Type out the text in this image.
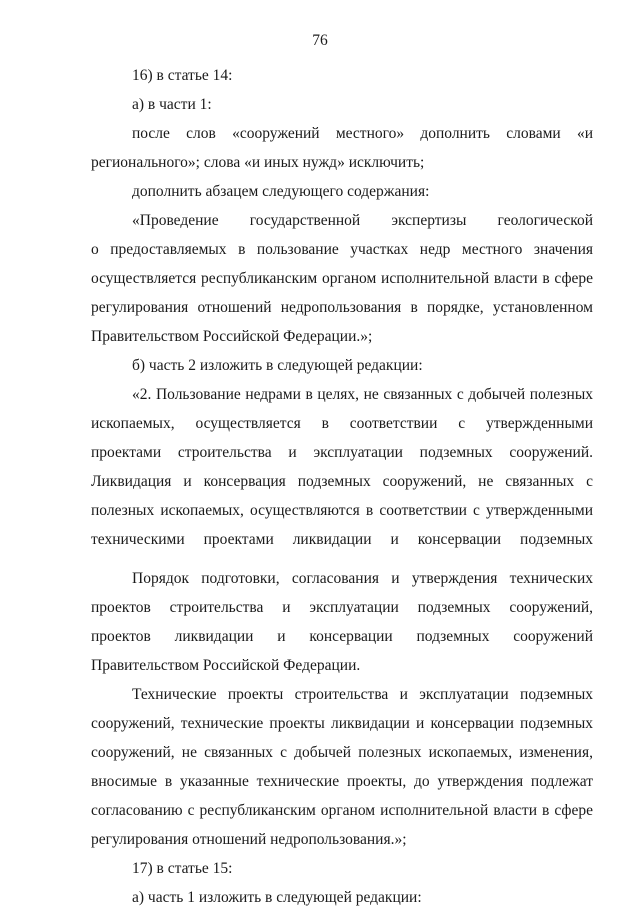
76
16) в статье 14:
а) в части 1:
после слов «сооружений местного» дополнить словами «и
регионального»; слова «и иных нужд» исключить;
дополнить абзацем следующего содержания:
«Проведение государственной экспертизы геологической
о предоставляемых в пользование участках недр местного значения
осуществляется республиканским органом исполнительной власти в сфере
регулирования отношений недропользования в порядке, установленном
Правительством Российской Федерации.»;
б) часть 2 изложить в следующей редакции:
«2. Пользование недрами в целях, не связанных с добычей полезных
ископаемых, осуществляется в соответствии с утвержденными
проектами строительства и эксплуатации подземных сооружений.
Ликвидация и консервация подземных сооружений, не связанных с
полезных ископаемых, осуществляются в соответствии с утвержденными
техническими проектами ликвидации и консервации подземных
Порядок подготовки, согласования и утверждения технических
проектов строительства и эксплуатации подземных сооружений,
проектов ликвидации и консервации подземных сооружений
Правительством Российской Федерации.
Технические проекты строительства и эксплуатации подземных
сооружений, технические проекты ликвидации и консервации подземных
сооружений, не связанных с добычей полезных ископаемых, изменения,
вносимые в указанные технические проекты, до утверждения подлежат
согласованию с республиканским органом исполнительной власти в сфере
регулирования отношений недропользования.»;
17) в статье 15:
а) часть 1 изложить в следующей редакции:
